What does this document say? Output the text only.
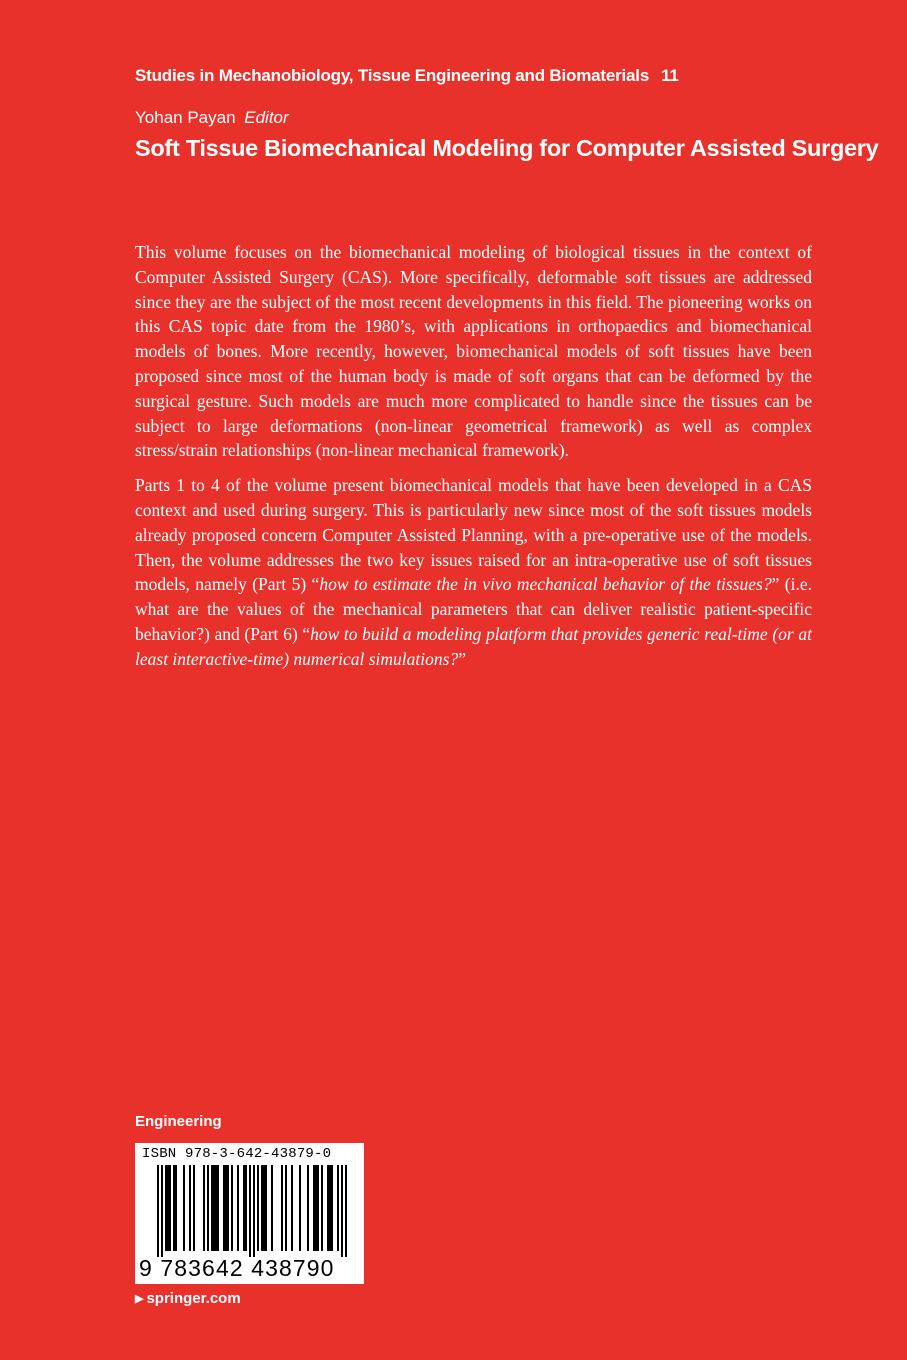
Studies in Mechanobiology, Tissue Engineering and Biomaterials 11
Yohan Payan Editor
Soft Tissue Biomechanical Modeling for Computer Assisted Surgery

This volume focuses on the biomechanical modeling of biological tissues in the context of Computer Assisted Surgery (CAS). More specifically, deformable soft tissues are addressed since they are the subject of the most recent developments in this field. The pioneering works on this CAS topic date from the 1980’s, with applications in orthopaedics and biomechanical models of bones. More recently, however, biomechanical models of soft tissues have been proposed since most of the human body is made of soft organs that can be deformed by the surgical gesture. Such models are much more complicated to handle since the tissues can be subject to large deformations (non-linear geometrical framework) as well as complex stress/strain relationships (non-linear mechanical framework).

Parts 1 to 4 of the volume present biomechanical models that have been developed in a CAS context and used during surgery. This is particularly new since most of the soft tissues models already proposed concern Computer Assisted Planning, with a pre-operative use of the models. Then, the volume addresses the two key issues raised for an intra-operative use of soft tissues models, namely (Part 5) “how to estimate the in vivo mechanical behavior of the tissues?” (i.e. what are the values of the mechanical parameters that can deliver realistic patient-specific behavior?) and (Part 6) “how to build a modeling platform that provides generic real-time (or at least interactive-time) numerical simulations?”

Engineering
ISBN 978-3-642-43879-0
9 783642 438790
▶ springer.com
